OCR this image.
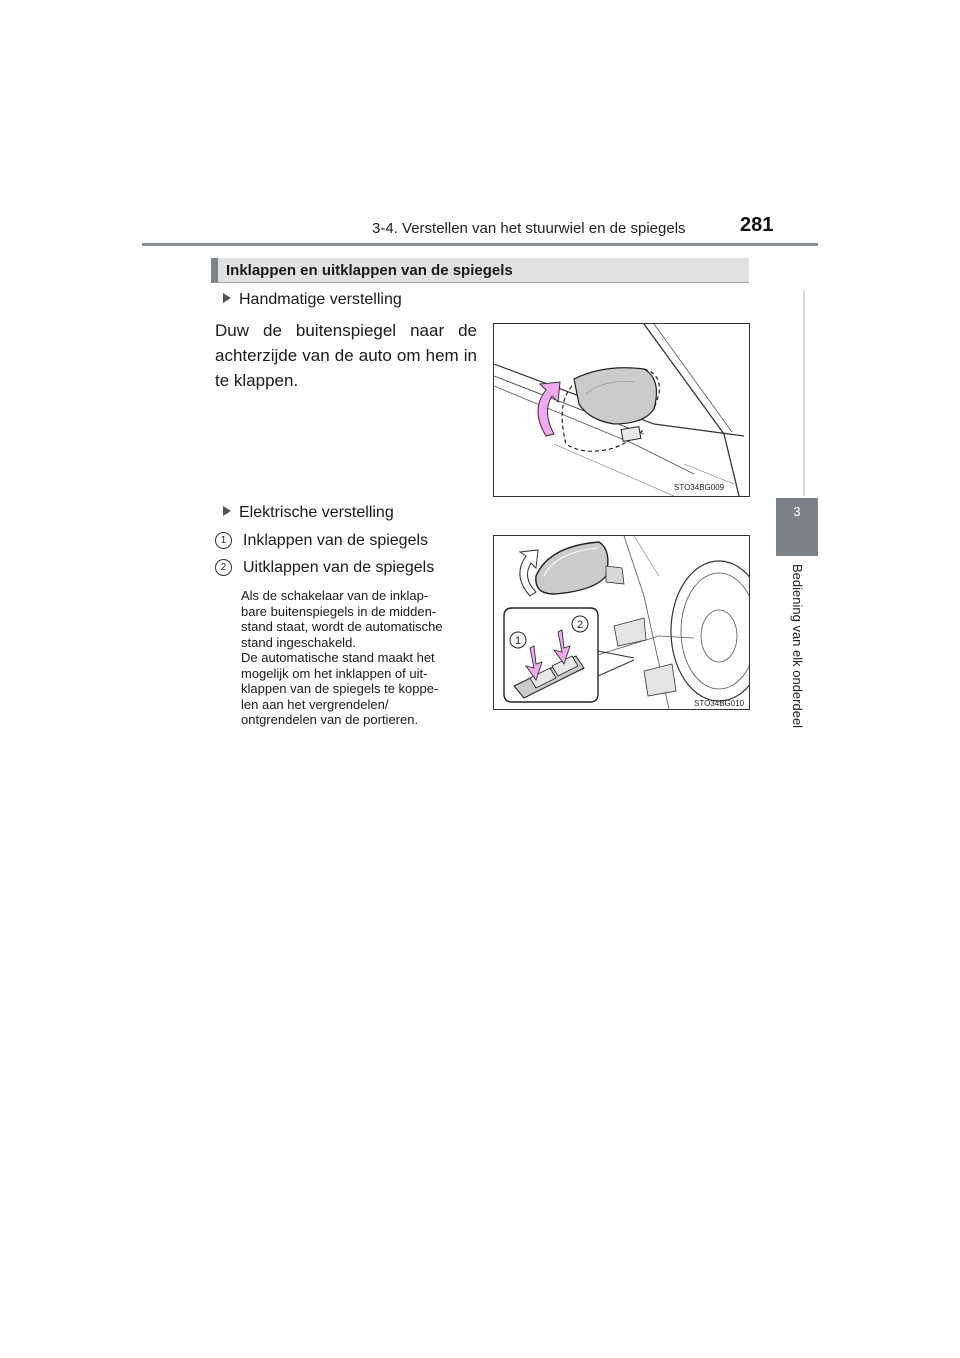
3-4. Verstellen van het stuurwiel en de spiegels	281
3
Bediening van elk onderdeel
Inklappen en uitklappen van de spiegels
Handmatige verstelling
Duw de buitenspiegel naar de achterzijde van de auto om hem in te klappen.
STO34BG009
Elektrische verstelling
1	Inklappen van de spiegels
2	Uitklappen van de spiegels

Als de schakelaar van de inklap-

bare buitenspiegels in de midden-

stand staat, wordt de automatische

stand ingeschakeld.

De automatische stand maakt het

mogelijk om het inklappen of uit-

klappen van de spiegels te koppe-

len aan het vergrendelen/

ontgrendelen van de portieren.

1
2
STO34BG010
